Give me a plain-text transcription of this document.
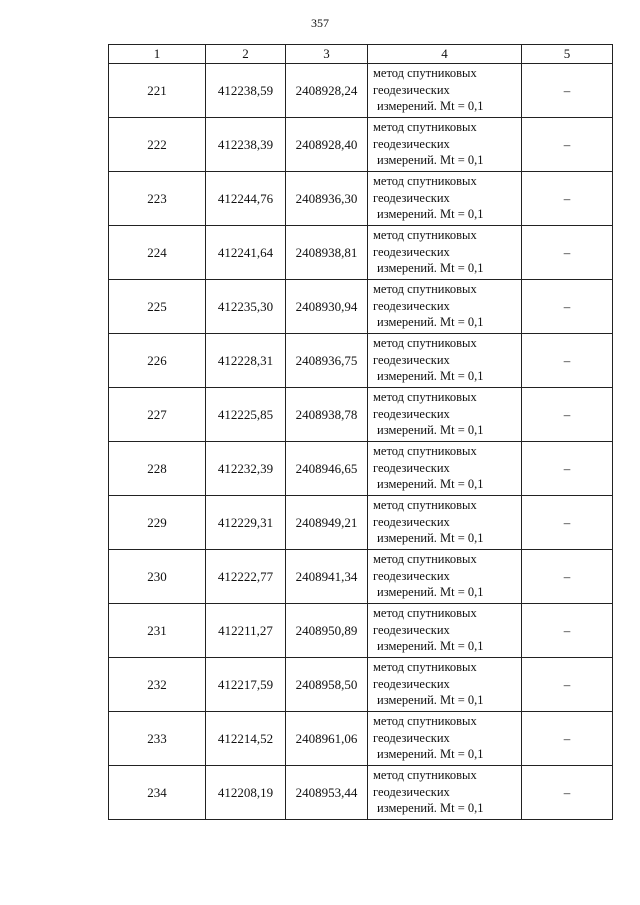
357
1	2	3	4	5
221	412238,59	2408928,24	метод спутниковых
геодезических
измерений. Mt = 0,1	–
222	412238,39	2408928,40	метод спутниковых
геодезических
измерений. Mt = 0,1	–
223	412244,76	2408936,30	метод спутниковых
геодезических
измерений. Mt = 0,1	–
224	412241,64	2408938,81	метод спутниковых
геодезических
измерений. Mt = 0,1	–
225	412235,30	2408930,94	метод спутниковых
геодезических
измерений. Mt = 0,1	–
226	412228,31	2408936,75	метод спутниковых
геодезических
измерений. Mt = 0,1	–
227	412225,85	2408938,78	метод спутниковых
геодезических
измерений. Mt = 0,1	–
228	412232,39	2408946,65	метод спутниковых
геодезических
измерений. Mt = 0,1	–
229	412229,31	2408949,21	метод спутниковых
геодезических
измерений. Mt = 0,1	–
230	412222,77	2408941,34	метод спутниковых
геодезических
измерений. Mt = 0,1	–
231	412211,27	2408950,89	метод спутниковых
геодезических
измерений. Mt = 0,1	–
232	412217,59	2408958,50	метод спутниковых
геодезических
измерений. Mt = 0,1	–
233	412214,52	2408961,06	метод спутниковых
геодезических
измерений. Mt = 0,1	–
234	412208,19	2408953,44	метод спутниковых
геодезических
измерений. Mt = 0,1	–
